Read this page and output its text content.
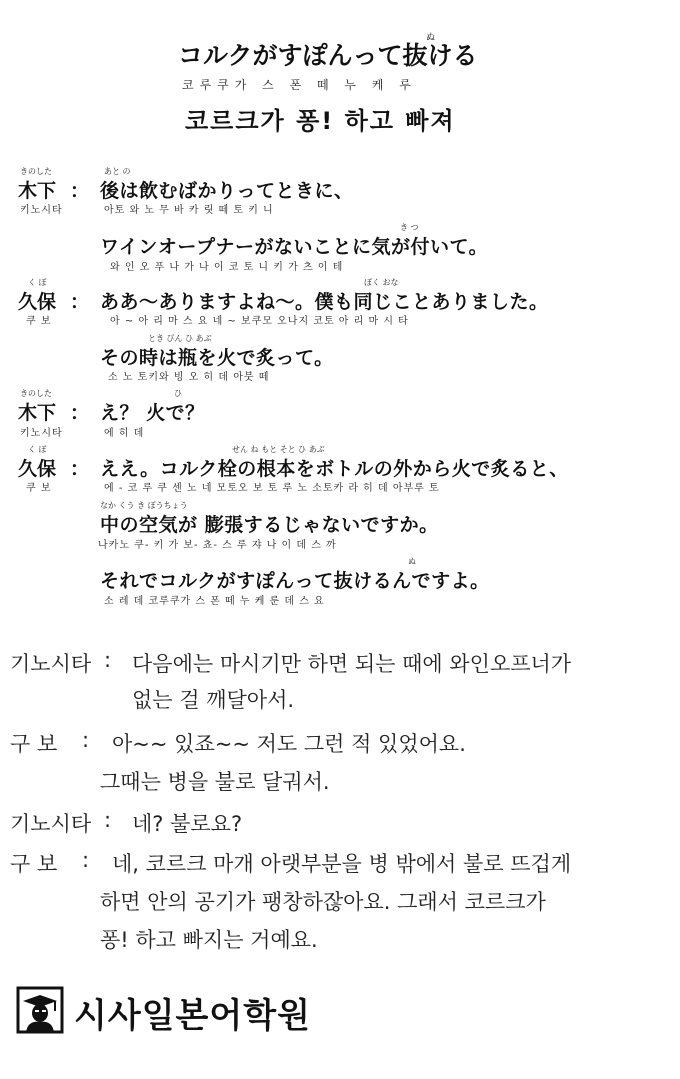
ぬ
コルクがすぽんって抜ける
코루쿠가 스 폰 떼 누 케 루
코르크가 퐁! 하고 빠져
きのした	あと の
木下 ： 後は飲むばかりってときに、
키노시타	아토 와 노 무 바 카 릿 떼 토 키 니
き つ
ワインオープナーがないことに気が付いて。
와 인 오 푸 나 가 나 이 코 토 니 키 가 츠 이 테
く ぼ	ぼく おな
久保 ： ああ～ありますよね～。僕も同じことありました。
쿠 보	아 ~ 아 리 마 스 요 네 ~ 보쿠모 오나지 코토 아 리 마 시 타
とき びん ひ あぶ
その時は瓶を火で炙って。
소 노 토키와 빙 오 히 데 아붓 떼
きのした	ひ
木下 ： え？ 火で？
키노시타	에 히 데
く ぼ	せん ね もと そと ひ あぶ
久保 ： ええ。コルク栓の根本をボトルの外から火で炙ると、
쿠 보	에 - 코 루 쿠 센 노 네 모토오 보 토 루 노 소토카 라 히 데 아부루 토
なか くう き ぼうちょう
中の空気が 膨張するじゃないですか。
나카노 쿠- 키 가 보- 쵸- 스 루 쟈 나 이 데 스 까
ぬ
それでコルクがすぽんって抜けるんですよ。
소 레 데 코루쿠가 스 폰 떼 누 케 룬 데 스 요
기노시타 : 다음에는 마시기만 하면 되는 때에 와인오프너가
없는 걸 깨달아서.
구 보 : 아~~ 있죠~~ 저도 그런 적 있었어요.
그때는 병을 불로 달궈서.
기노시타 : 네? 불로요?
구 보 : 네, 코르크 마개 아랫부분을 병 밖에서 불로 뜨겁게
하면 안의 공기가 팽창하잖아요. 그래서 코르크가
퐁! 하고 빠지는 거예요.
시사일본어학원
